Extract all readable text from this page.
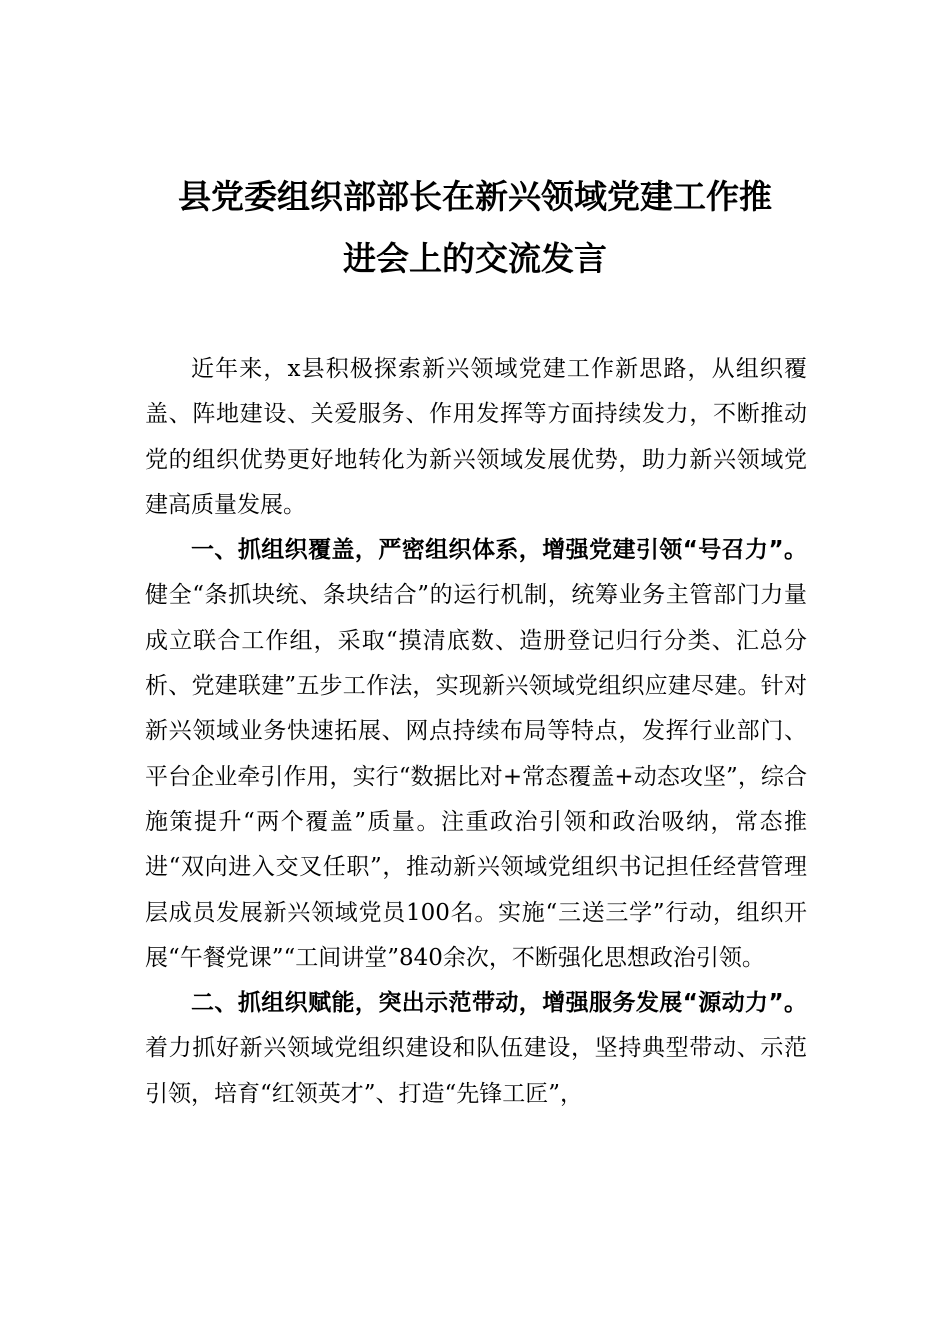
县党委组织部部长在新兴领域党建工作推
进会上的交流发言

近年来，x县积极探索新兴领域党建工作新思路，从组织覆盖、阵地建设、关爱服务、作用发挥等方面持续发力，不断推动党的组织优势更好地转化为新兴领域发展优势，助力新兴领域党建高质量发展。

一、抓组织覆盖，严密组织体系，增强党建引领“号召力”。健全“条抓块统、条块结合”的运行机制，统筹业务主管部门力量成立联合工作组，采取“摸清底数、造册登记归行分类、汇总分析、党建联建”五步工作法，实现新兴领域党组织应建尽建。针对新兴领域业务快速拓展、网点持续布局等特点，发挥行业部门、平台企业牵引作用，实行“数据比对+常态覆盖+动态攻坚”，综合施策提升“两个覆盖”质量。注重政治引领和政治吸纳，常态推进“双向进入交叉任职”，推动新兴领域党组织书记担任经营管理层成员发展新兴领域党员100名。实施“三送三学”行动，组织开展“午餐党课”“工间讲堂”840余次，不断强化思想政治引领。

二、抓组织赋能，突出示范带动，增强服务发展“源动力”。着力抓好新兴领域党组织建设和队伍建设，坚持典型带动、示范引领，培育“红领英才”、打造“先锋工匠”，
